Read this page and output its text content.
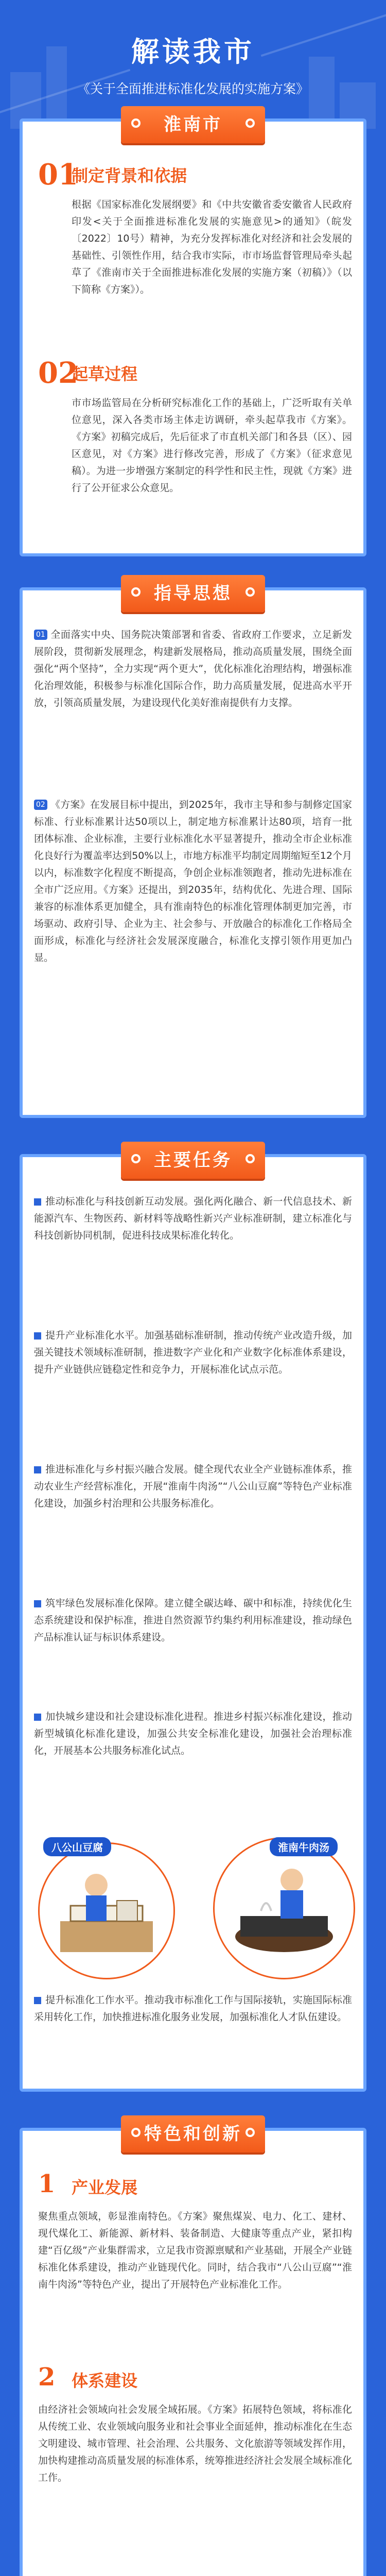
解读我市
《关于全面推进标准化发展的实施方案》
淮南市
01 制定背景和依据
根据《国家标准化发展纲要》和《中共安徽省委安徽省人民政府印发<关于全面推进标准化发展的实施意见>的通知》（皖发〔2022〕10号）精神，为充分发挥标准化对经济和社会发展的基础性、引领性作用，结合我市实际，市市场监督管理局牵头起草了《淮南市关于全面推进标准化发展的实施方案（初稿）》（以下简称《方案》）。
02 起草过程
市市场监管局在分析研究标准化工作的基础上，广泛听取有关单位意见，深入各类市场主体走访调研，牵头起草我市《方案》。《方案》初稿完成后，先后征求了市直机关部门和各县（区）、园区意见，对《方案》进行修改完善，形成了《方案》（征求意见稿）。为进一步增强方案制定的科学性和民主性，现就《方案》进行了公开征求公众意见。
指导思想
01 全面落实中央、国务院决策部署和省委、省政府工作要求，立足新发展阶段，贯彻新发展理念，构建新发展格局，推动高质量发展，围绕全面强化“两个坚持”，全力实现“两个更大”，优化标准化治理结构，增强标准化治理效能，积极参与标准化国际合作，助力高质量发展，促进高水平开放，引领高质量发展，为建设现代化美好淮南提供有力支撑。
02 《方案》在发展目标中提出，到2025年，我市主导和参与制修定国家标准、行业标准累计达50项以上，制定地方标准累计达80项，培育一批团体标准、企业标准，主要行业标准化水平显著提升，推动全市企业标准化良好行为覆盖率达到50%以上，市地方标准平均制定周期缩短至12个月以内，标准数字化程度不断提高，争创企业标准领跑者，推动先进标准在全市广泛应用。《方案》还提出，到2035年，结构优化、先进合理、国际兼容的标准体系更加健全，具有淮南特色的标准化管理体制更加完善，市场驱动、政府引导、企业为主、社会参与、开放融合的标准化工作格局全面形成，标准化与经济社会发展深度融合，标准化支撑引领作用更加凸显。
主要任务
推动标准化与科技创新互动发展。强化两化融合、新一代信息技术、新能源汽车、生物医药、新材料等战略性新兴产业标准研制，建立标准化与科技创新协同机制，促进科技成果标准化转化。
提升产业标准化水平。加强基础标准研制，推动传统产业改造升级，加强关键技术领域标准研制，推进数字产业化和产业数字化标准体系建设，提升产业链供应链稳定性和竞争力，开展标准化试点示范。
推进标准化与乡村振兴融合发展。健全现代农业全产业链标准体系，推动农业生产经营标准化，开展“淮南牛肉汤”“八公山豆腐”等特色产业标准化建设，加强乡村治理和公共服务标准化。
筑牢绿色发展标准化保障。建立健全碳达峰、碳中和标准，持续优化生态系统建设和保护标准，推进自然资源节约集约利用标准建设，推动绿色产品标准认证与标识体系建设。
加快城乡建设和社会建设标准化进程。推进乡村振兴标准化建设，推动新型城镇化标准化建设，加强公共安全标准化建设，加强社会治理标准化，开展基本公共服务标准化试点。
八公山豆腐	淮南牛肉汤
提升标准化工作水平。推动我市标准化工作与国际接轨，实施国际标准采用转化工作，加快推进标准化服务业发展，加强标准化人才队伍建设。
特色和创新
1 产业发展
聚焦重点领域，彰显淮南特色。《方案》聚焦煤炭、电力、化工、建材、现代煤化工、新能源、新材料、装备制造、大健康等重点产业，紧扣构建“百亿级”产业集群需求，立足我市资源禀赋和产业基础，开展全产业链标准化体系建设，推动产业链现代化。同时，结合我市“八公山豆腐”“淮南牛肉汤”等特色产业，提出了开展特色产业标准化工作。
2 体系建设
由经济社会领域向社会发展全域拓展。《方案》拓展特色领域，将标准化从传统工业、农业领域向服务业和社会事业全面延伸，推动标准化在生态文明建设、城市管理、社会治理、公共服务、文化旅游等领域发挥作用，加快构建推动高质量发展的标准体系，统筹推进经济社会发展全域标准化工作。
